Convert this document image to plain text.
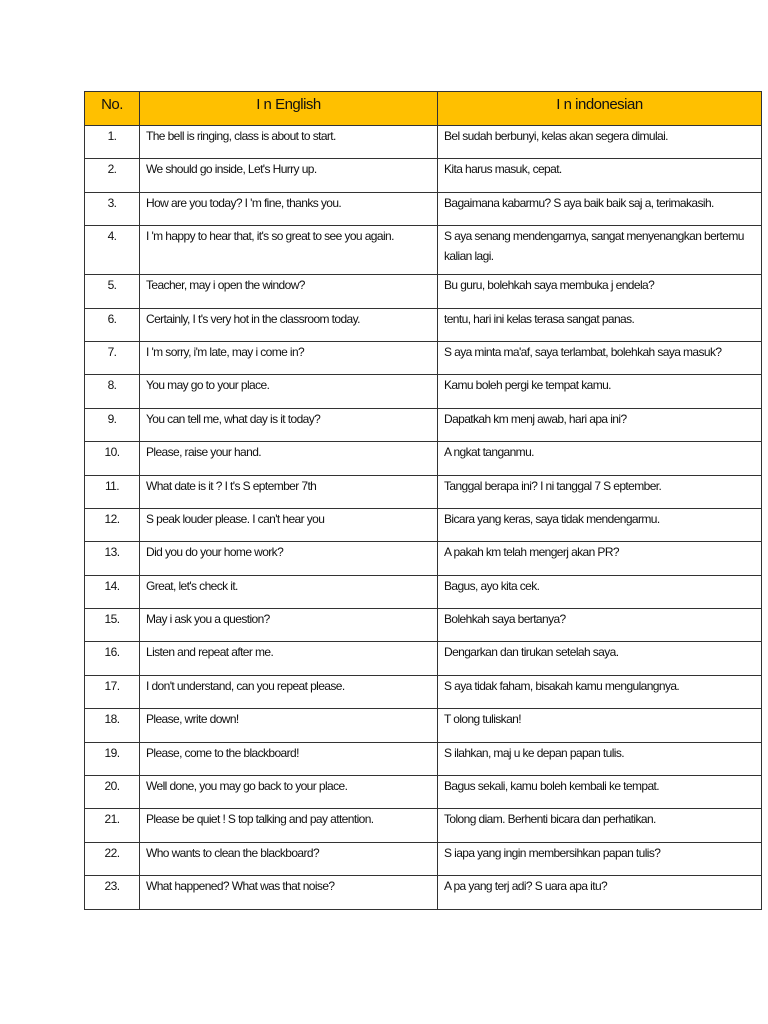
No.	I n English	I n indonesian
1.	The bell is ringing, class is about to start.	Bel sudah berbunyi, kelas akan segera dimulai.
2.	We should go inside, Let's Hurry up.	Kita harus masuk, cepat.
3.	How are you today? I 'm fine, thanks you.	Bagaimana kabarmu? S aya baik baik saj a, terimakasih.
4.	I 'm happy to hear that, it's so great to see you again.	S aya senang mendengarnya, sangat menyenangkan bertemu kalian lagi.
5.	Teacher, may i open the window?	Bu guru, bolehkah saya membuka j endela?
6.	Certainly, I t's very hot in the classroom today.	tentu, hari ini kelas terasa sangat panas.
7.	I 'm sorry, i'm late, may i come in?	S aya minta ma'af, saya terlambat, bolehkah saya masuk?
8.	You may go to your place.	Kamu boleh pergi ke tempat kamu.
9.	You can tell me, what day is it today?	Dapatkah km menj awab, hari apa ini?
10.	Please, raise your hand.	A ngkat tanganmu.
11.	What date is it ? I t's S eptember 7th	Tanggal berapa ini? I ni tanggal 7 S eptember.
12.	S peak louder please. I can't hear you	Bicara yang keras, saya tidak mendengarmu.
13.	Did you do your home work?	A pakah km telah mengerj akan PR?
14.	Great, let's check it.	Bagus, ayo kita cek.
15.	May i ask you a question?	Bolehkah saya bertanya?
16.	Listen and repeat after me.	Dengarkan dan tirukan setelah saya.
17.	I don't understand, can you repeat please.	S aya tidak faham, bisakah kamu mengulangnya.
18.	Please, write down!	T olong tuliskan!
19.	Please, come to the blackboard!	S ilahkan, maj u ke depan papan tulis.
20.	Well done, you may go back to your place.	Bagus sekali, kamu boleh kembali ke tempat.
21.	Please be quiet ! S top talking and pay attention.	Tolong diam. Berhenti bicara dan perhatikan.
22.	Who wants to clean the blackboard?	S iapa yang ingin membersihkan papan tulis?
23.	What happened? What was that noise?	A pa yang terj adi? S uara apa itu?
